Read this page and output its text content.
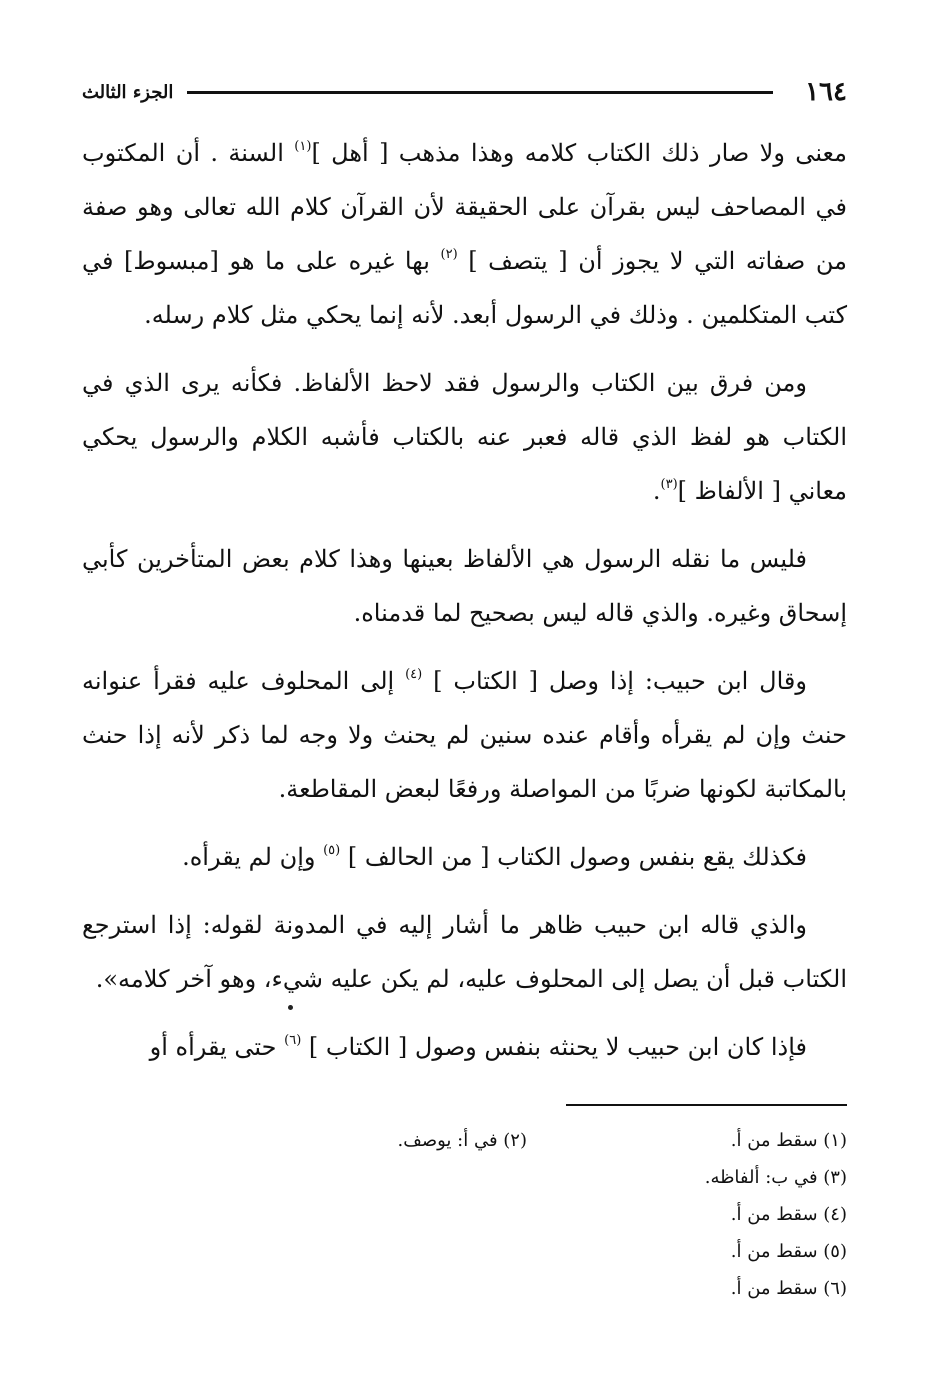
١٦٤
الجزء الثالث

معنى ولا صار ذلك الكتاب كلامه وهذا مذهب [ أهل ]$^{(١)}$ السنة . أن المكتوب في المصاحف ليس بقرآن على الحقيقة لأن القرآن كلام الله تعالى وهو صفة من صفاته التي لا يجوز أن [ يتصف ] $^{(٢)}$ بها غيره على ما هو [مبسوط] في كتب المتكلمين . وذلك في الرسول أبعد. لأنه إنما يحكي مثل كلام رسله.

ومن فرق بين الكتاب والرسول فقد لاحظ الألفاظ. فكأنه يرى الذي في الكتاب هو لفظ الذي قاله فعبر عنه بالكتاب فأشبه الكلام والرسول يحكي معاني [ الألفاظ ]$^{(٣)}$.

فليس ما نقله الرسول هي الألفاظ بعينها وهذا كلام بعض المتأخرين كأبي إسحاق وغيره. والذي قاله ليس بصحيح لما قدمناه.

وقال ابن حبيب: إذا وصل [ الكتاب ] $^{(٤)}$ إلى المحلوف عليه فقرأ عنوانه حنث وإن لم يقرأه وأقام عنده سنين لم يحنث ولا وجه لما ذكر لأنه إذا حنث بالمكاتبة لكونها ضربًا من المواصلة ورفعًا لبعض المقاطعة.

فكذلك يقع بنفس وصول الكتاب [ من الحالف ] $^{(٥)}$ وإن لم يقرأه.

والذي قاله ابن حبيب ظاهر ما أشار إليه في المدونة لقوله: إذا استرجع الكتاب قبل أن يصل إلى المحلوف عليه، لم يكن عليه شيء، وهو آخر كلامه».

فإذا كان ابن حبيب لا يحنثه بنفس وصول [ الكتاب ] $^{(٦)}$ حتى يقرأه أو

(١) سقط من أ.
(٢) في أ: يوصف.
(٣) في ب: ألفاظه.
(٤) سقط من أ.
(٥) سقط من أ.
(٦) سقط من أ.
